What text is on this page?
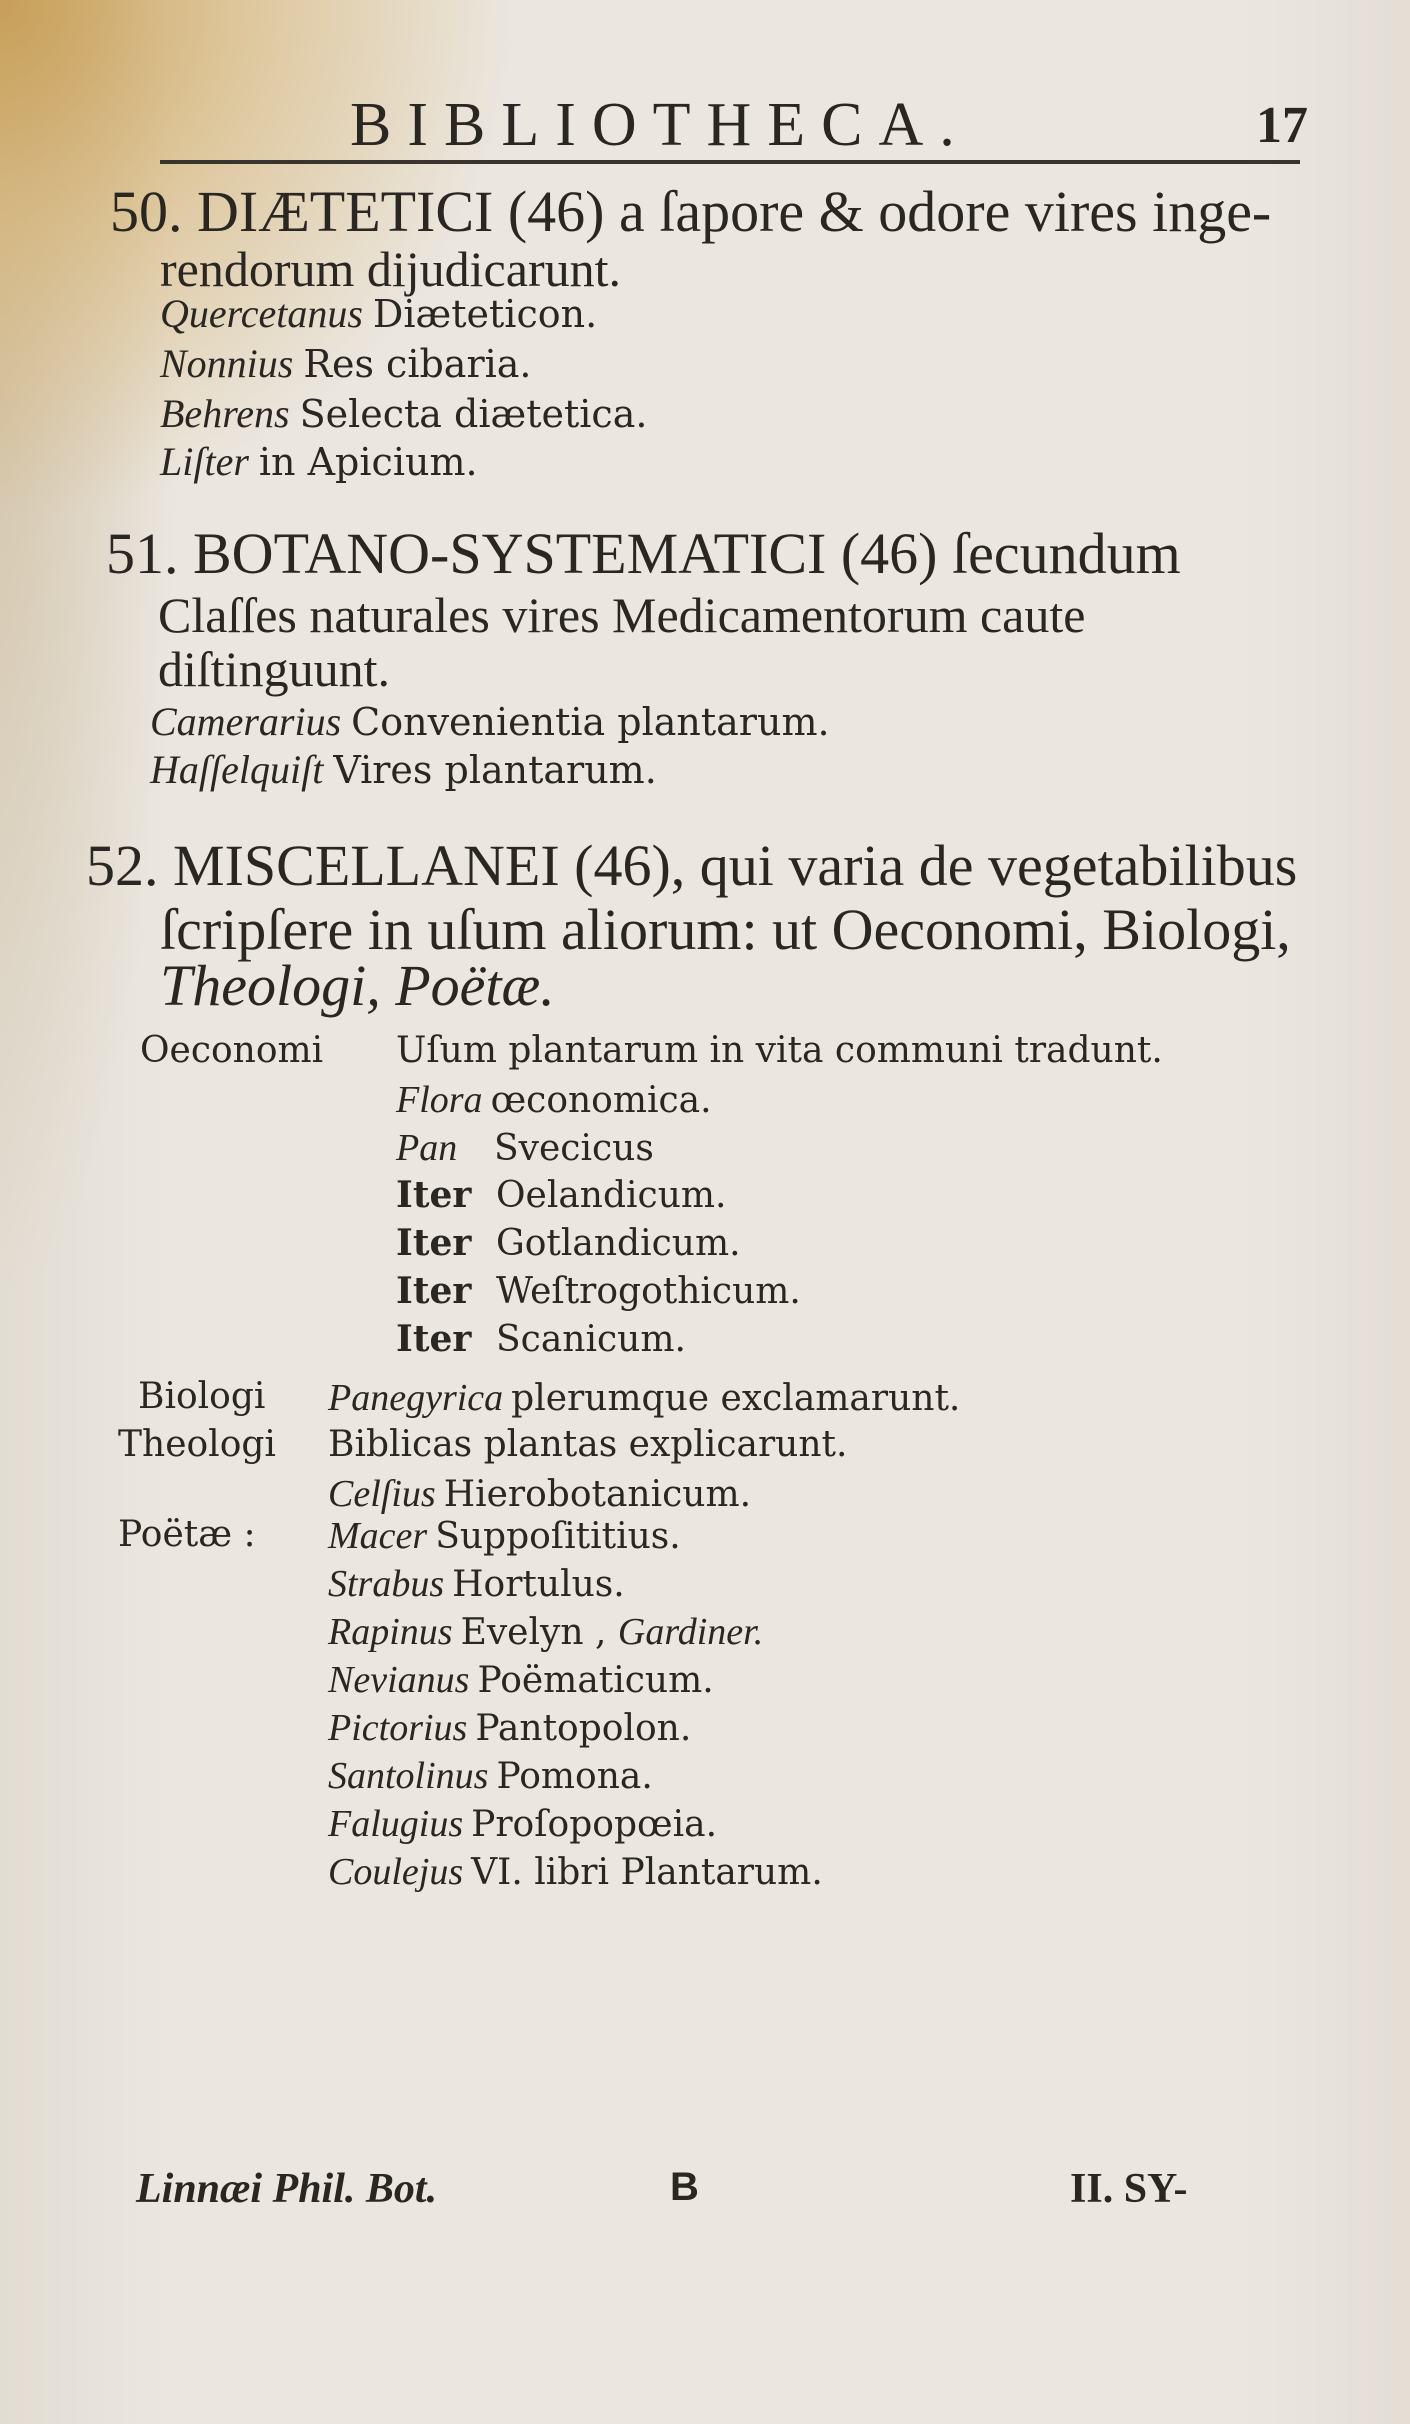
BIBLIOTHECA.	17
50. DIÆTETICI (46) a ſapore & odore vires inge-
rendorum dijudicarunt.
Quercetanus Diæteticon.
Nonnius Res cibaria.
Behrens Selecta diætetica.
Liſter in Apicium.
51. BOTANO-SYSTEMATICI (46) ſecundum
Claſſes naturales vires Medicamentorum caute
diſtinguunt.
Camerarius Convenientia plantarum.
Haſſelquiſt Vires plantarum.
52. MISCELLANEI (46), qui varia de vegetabilibus
ſcripſere in uſum aliorum: ut Oeconomi, Biologi,
Theologi, Poëtæ.
Oeconomi Uſum plantarum in vita communi tradunt.
Flora œconomica.
Pan Svecicus
Iter Oelandicum.
Iter Gotlandicum.
Iter Weſtrogothicum.
Iter Scanicum.
Biologi Panegyrica plerumque exclamarunt.
Theologi Biblicas plantas explicarunt.
Celſius Hierobotanicum.
Poëtæ : Macer Suppoſititius.
Strabus Hortulus.
Rapinus Evelyn , Gardiner.
Nevianus Poëmaticum.
Pictorius Pantopolon.
Santolinus Pomona.
Falugius Proſopopœia.
Coulejus VI. libri Plantarum.
Linnæi Phil. Bot.	B	II. SY-
